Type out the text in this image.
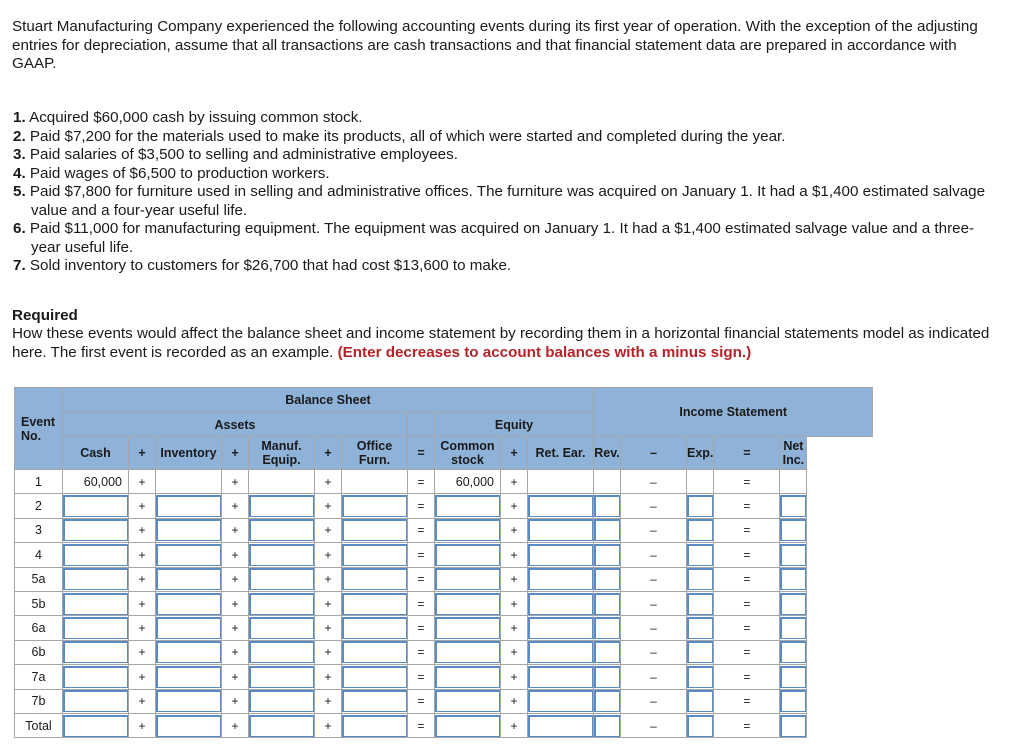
Stuart Manufacturing Company experienced the following accounting events during its first year of operation. With the exception of the adjusting entries for depreciation, assume that all transactions are cash transactions and that financial statement data are prepared in accordance with GAAP.
1. Acquired $60,000 cash by issuing common stock.
2. Paid $7,200 for the materials used to make its products, all of which were started and completed during the year.
3. Paid salaries of $3,500 to selling and administrative employees.
4. Paid wages of $6,500 to production workers.
5. Paid $7,800 for furniture used in selling and administrative offices. The furniture was acquired on January 1. It had a $1,400 estimated salvage value and a four-year useful life.
6. Paid $11,000 for manufacturing equipment. The equipment was acquired on January 1. It had a $1,400 estimated salvage value and a three-year useful life.
7. Sold inventory to customers for $26,700 that had cost $13,600 to make.
Required
How these events would affect the balance sheet and income statement by recording them in a horizontal financial statements model as indicated here. The first event is recorded as an example. (Enter decreases to account balances with a minus sign.)
Event No.	Balance Sheet											Income Statement				
	Assets								Equity							
	Cash	+	Inventory	+	Manuf. Equip.	+	Office Furn.	=	Common stock	+	Ret. Ear.	Rev.	–	Exp.	=	Net Inc.
1	60,000	+		+		+		=	60,000	+			–		=	
2		+		+		+		=		+			–		=	

3		+		+		+		=		+			–		=	

4		+		+		+		=		+			–		=	

5a		+		+		+		=		+			–		=	

5b		+		+		+		=		+			–		=	

6a		+		+		+		=		+			–		=	

6b		+		+		+		=		+			–		=	

7a		+		+		+		=		+			–		=	

7b		+		+		+		=		+			–		=	

Total		+		+		+		=		+			–		=	
